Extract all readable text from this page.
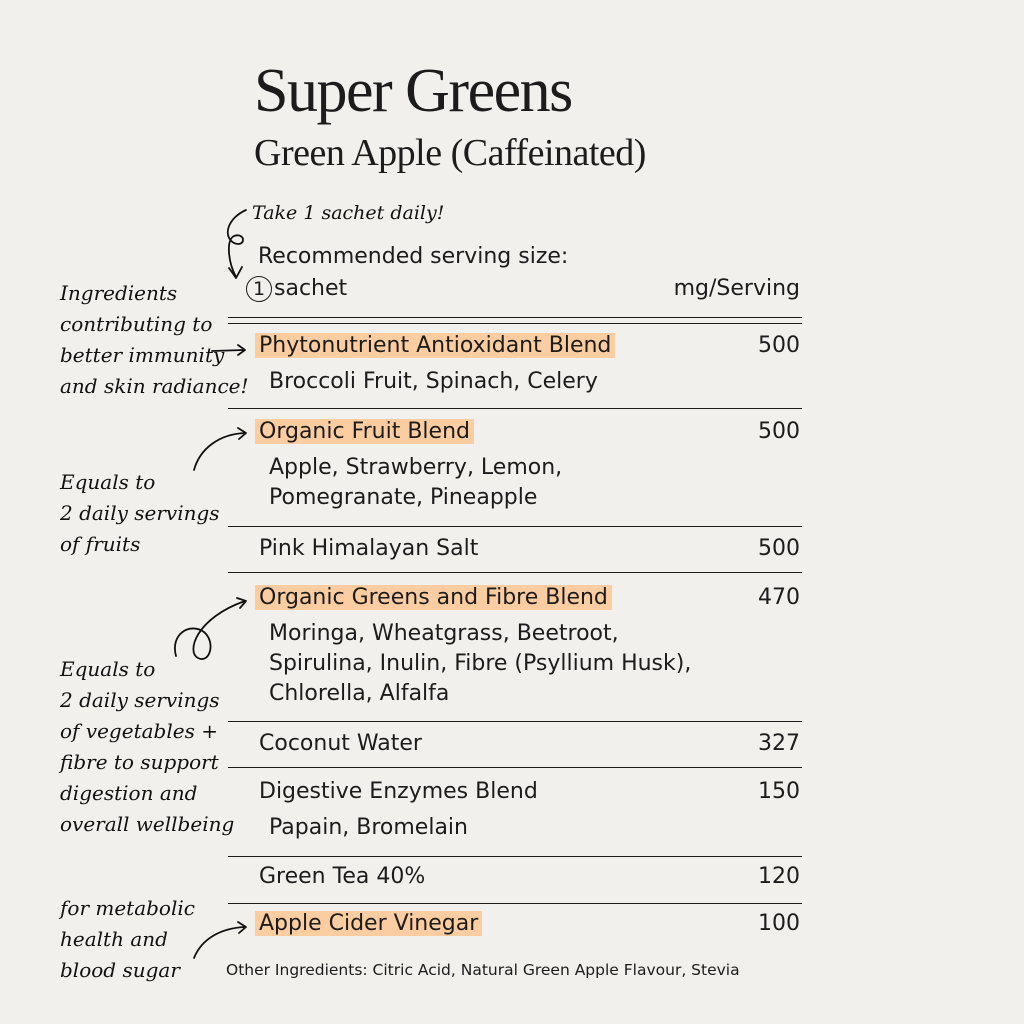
Super Greens
Green Apple (Caffeinated)
Take 1 sachet daily!
Ingredients
contributing to
better immunity
and skin radiance!
Equals to
2 daily servings
of fruits
Equals to
2 daily servings
of vegetables +
fibre to support
digestion and
overall wellbeing
for metabolic
health and
blood sugar
Recommended serving size:
1 sachet	mg/Serving
Phytonutrient Antioxidant Blend	500
Broccoli Fruit, Spinach, Celery
Organic Fruit Blend	500
Apple, Strawberry, Lemon,
Pomegranate, Pineapple
Pink Himalayan Salt	500
Organic Greens and Fibre Blend	470
Moringa, Wheatgrass, Beetroot,
Spirulina, Inulin, Fibre (Psyllium Husk),
Chlorella, Alfalfa
Coconut Water	327
Digestive Enzymes Blend	150
Papain, Bromelain
Green Tea 40%	120
Apple Cider Vinegar	100
Other Ingredients: Citric Acid, Natural Green Apple Flavour, Stevia
